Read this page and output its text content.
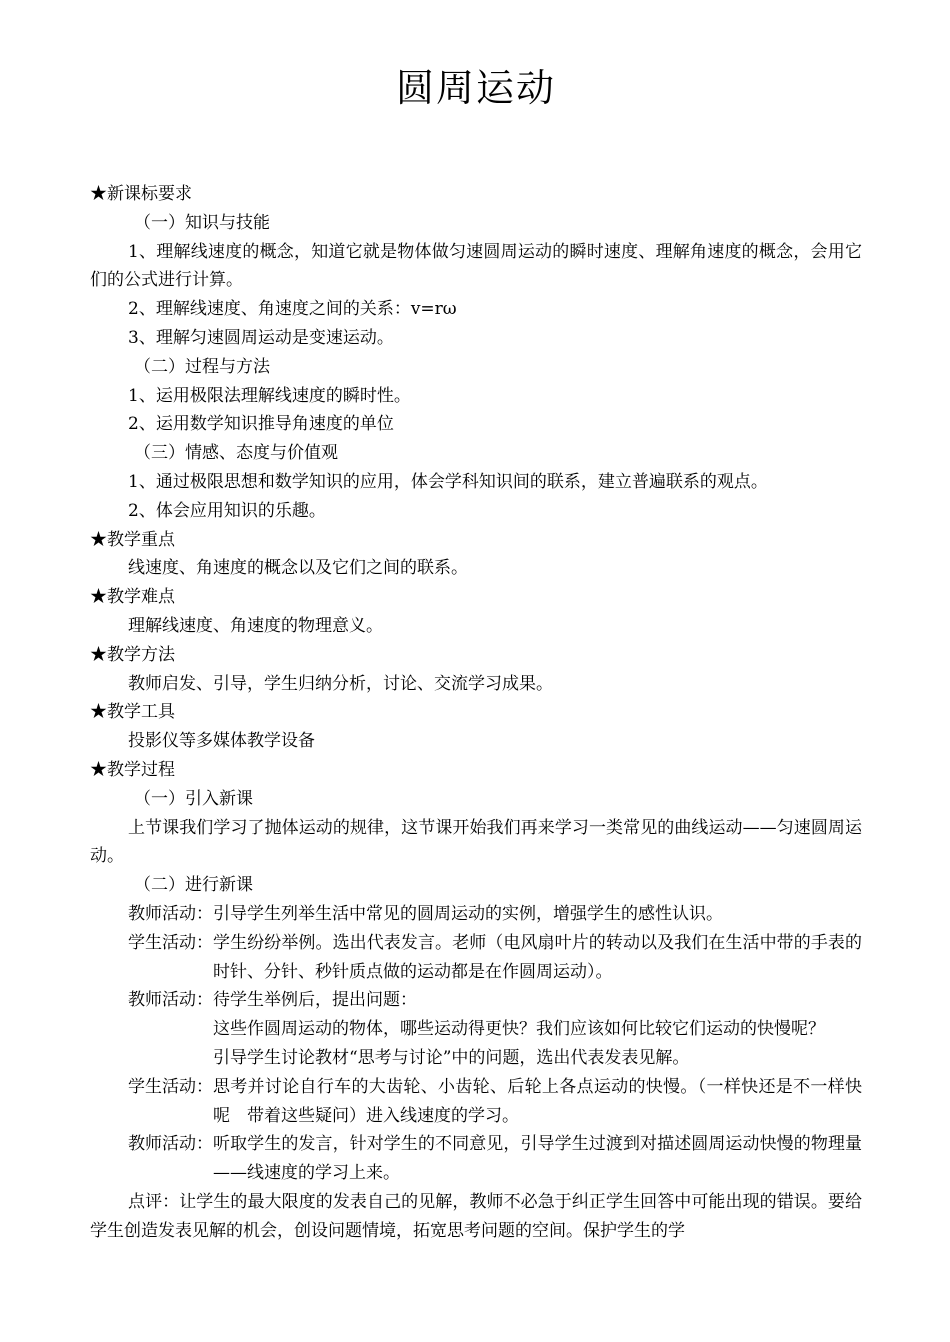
圆周运动
★新课标要求
（一）知识与技能
1、理解线速度的概念，知道它就是物体做匀速圆周运动的瞬时速度、理解角速度的概念，会用它们的公式进行计算。
2、理解线速度、角速度之间的关系：v=rω
3、理解匀速圆周运动是变速运动。
（二）过程与方法
1、运用极限法理解线速度的瞬时性。
2、运用数学知识推导角速度的单位
（三）情感、态度与价值观
1、通过极限思想和数学知识的应用，体会学科知识间的联系，建立普遍联系的观点。
2、体会应用知识的乐趣。
★教学重点
线速度、角速度的概念以及它们之间的联系。
★教学难点
理解线速度、角速度的物理意义。
★教学方法
教师启发、引导，学生归纳分析，讨论、交流学习成果。
★教学工具
投影仪等多媒体教学设备
★教学过程
（一）引入新课
上节课我们学习了抛体运动的规律，这节课开始我们再来学习一类常见的曲线运动——匀速圆周运动。
（二）进行新课
教师活动： 引导学生列举生活中常见的圆周运动的实例，增强学生的感性认识。
学生活动： 学生纷纷举例。选出代表发言。老师（电风扇叶片的转动以及我们在生活中带的手表的时针、分针、秒针质点做的运动都是在作圆周运动）。
教师活动： 待学生举例后，提出问题：
这些作圆周运动的物体，哪些运动得更快？我们应该如何比较它们运动的快慢呢？
引导学生讨论教材“思考与讨论”中的问题，选出代表发表见解。
学生活动： 思考并讨论自行车的大齿轮、小齿轮、后轮上各点运动的快慢。（一样快还是不一样快呢　带着这些疑问）进入线速度的学习。
教师活动： 听取学生的发言，针对学生的不同意见，引导学生过渡到对描述圆周运动快慢的物理量——线速度的学习上来。
点评：让学生的最大限度的发表自己的见解，教师不必急于纠正学生回答中可能出现的错误。要给学生创造发表见解的机会，创设问题情境，拓宽思考问题的空间。保护学生的学
